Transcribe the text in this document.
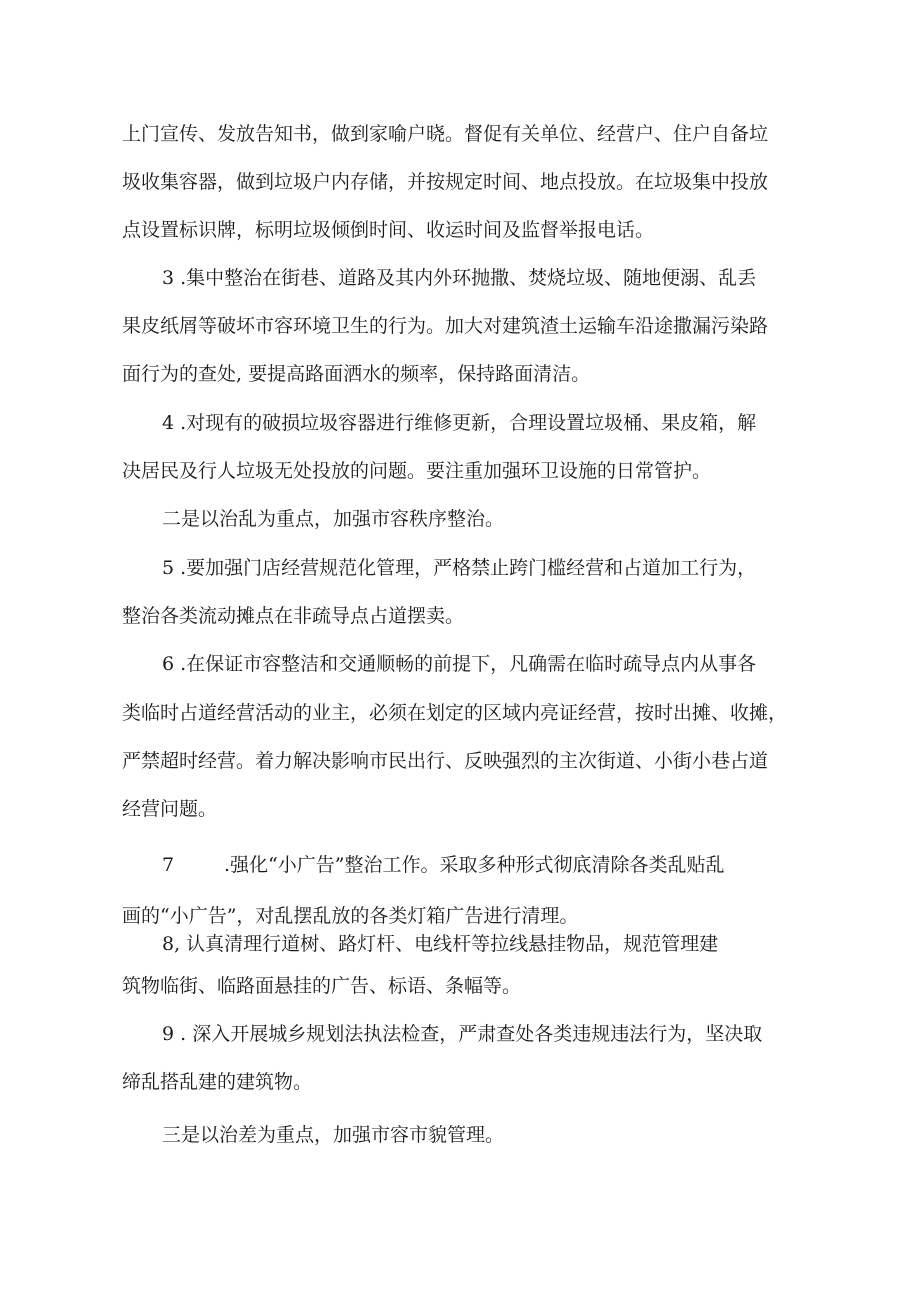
上门宣传、发放告知书，做到家喻户晓。督促有关单位、经营户、住户自备垃
圾收集容器，做到垃圾户内存储，并按规定时间、地点投放。在垃圾集中投放
点设置标识牌，标明垃圾倾倒时间、收运时间及监督举报电话。
3 .集中整治在街巷、道路及其内外环抛撒、焚烧垃圾、随地便溺、乱丢
果皮纸屑等破坏市容环境卫生的行为。加大对建筑渣土运输车沿途撒漏污染路
面行为的查处, 要提高路面洒水的频率，保持路面清洁。
4 .对现有的破损垃圾容器进行维修更新，合理设置垃圾桶、果皮箱，解
决居民及行人垃圾无处投放的问题。要注重加强环卫设施的日常管护。
二是以治乱为重点，加强市容秩序整治。
5 .要加强门店经营规范化管理，严格禁止跨门槛经营和占道加工行为，
整治各类流动摊点在非疏导点占道摆卖。
6 .在保证市容整洁和交通顺畅的前提下，凡确需在临时疏导点内从事各
类临时占道经营活动的业主，必须在划定的区域内亮证经营，按时出摊、收摊，
严禁超时经营。着力解决影响市民出行、反映强烈的主次街道、小街小巷占道
经营问题。
7	.强化“小广告”整治工作。采取多种形式彻底清除各类乱贴乱
画的“小广告”，对乱摆乱放的各类灯箱广告进行清理。
8, 认真清理行道树、路灯杆、电线杆等拉线悬挂物品，规范管理建
筑物临街、临路面悬挂的广告、标语、条幅等。
9 . 深入开展城乡规划法执法检查，严肃查处各类违规违法行为，坚决取
缔乱搭乱建的建筑物。
三是以治差为重点，加强市容市貌管理。
